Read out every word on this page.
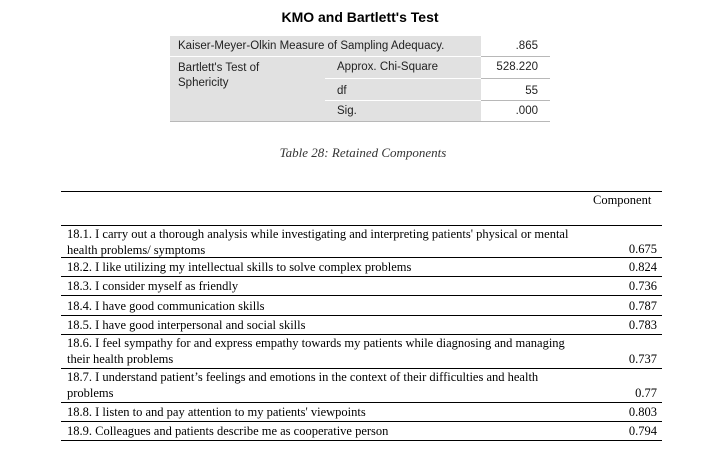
KMO and Bartlett's Test
Kaiser-Meyer-Olkin Measure of Sampling Adequacy.	.865
Bartlett's Test of Sphericity
Approx. Chi-Square	528.220
df	55
Sig.	.000
Table 28: Retained Components
Component
18.1. I carry out a thorough analysis while investigating and interpreting patients' physical or mental health problems/ symptoms	0.675
18.2. I like utilizing my intellectual skills to solve complex problems	0.824
18.3. I consider myself as friendly	0.736
18.4. I have good communication skills	0.787
18.5. I have good interpersonal and social skills	0.783
18.6. I feel sympathy for and express empathy towards my patients while diagnosing and managing their health problems	0.737
18.7. I understand patient’s feelings and emotions in the context of their difficulties and health problems	0.77
18.8. I listen to and pay attention to my patients' viewpoints	0.803
18.9. Colleagues and patients describe me as cooperative person	0.794
